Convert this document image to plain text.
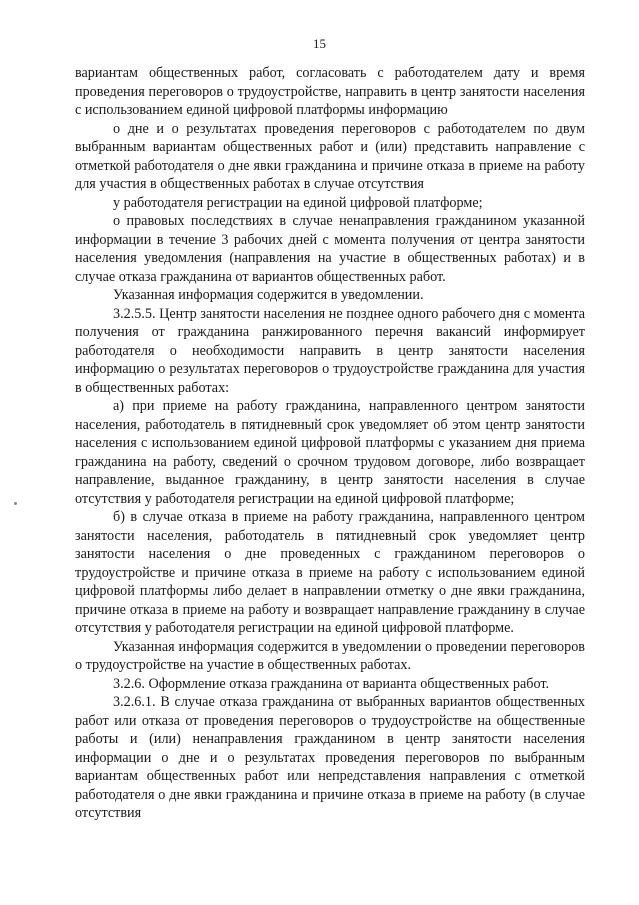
15

вариантам общественных работ, согласовать с работодателем дату и время проведения переговоров о трудоустройстве, направить в центр занятости населения с использованием единой цифровой платформы информацию

о дне и о результатах проведения переговоров с работодателем по двум выбранным вариантам общественных работ и (или) представить направление с отметкой работодателя о дне явки гражданина и причине отказа в приеме на работу для участия в общественных работах в случае отсутствия

у работодателя регистрации на единой цифровой платформе;

о правовых последствиях в случае ненаправления гражданином указанной информации в течение 3 рабочих дней с момента получения от центра занятости населения уведомления (направления на участие в общественных работах) и в случае отказа гражданина от вариантов общественных работ.

Указанная информация содержится в уведомлении.

3.2.5.5. Центр занятости населения не позднее одного рабочего дня с момента получения от гражданина ранжированного перечня вакансий информирует работодателя о необходимости направить в центр занятости населения информацию о результатах переговоров о трудоустройстве гражданина для участия в общественных работах:

а) при приеме на работу гражданина, направленного центром занятости населения, работодатель в пятидневный срок уведомляет об этом центр занятости населения с использованием единой цифровой платформы с указанием дня приема гражданина на работу, сведений о срочном трудовом договоре, либо возвращает направление, выданное гражданину, в центр занятости населения в случае отсутствия у работодателя регистрации на единой цифровой платформе;

б) в случае отказа в приеме на работу гражданина, направленного центром занятости населения, работодатель в пятидневный срок уведомляет центр занятости населения о дне проведенных с гражданином переговоров о трудоустройстве и причине отказа в приеме на работу с использованием единой цифровой платформы либо делает в направлении отметку о дне явки гражданина, причине отказа в приеме на работу и возвращает направление гражданину в случае отсутствия у работодателя регистрации на единой цифровой платформе.

Указанная информация содержится в уведомлении о проведении переговоров о трудоустройстве на участие в общественных работах.

3.2.6. Оформление отказа гражданина от варианта общественных работ.

3.2.6.1. В случае отказа гражданина от выбранных вариантов общественных работ или отказа от проведения переговоров о трудоустройстве на общественные работы и (или) ненаправления гражданином в центр занятости населения информации о дне и о результатах проведения переговоров по выбранным вариантам общественных работ или непредставления направления с отметкой работодателя о дне явки гражданина и причине отказа в приеме на работу (в случае отсутствия
